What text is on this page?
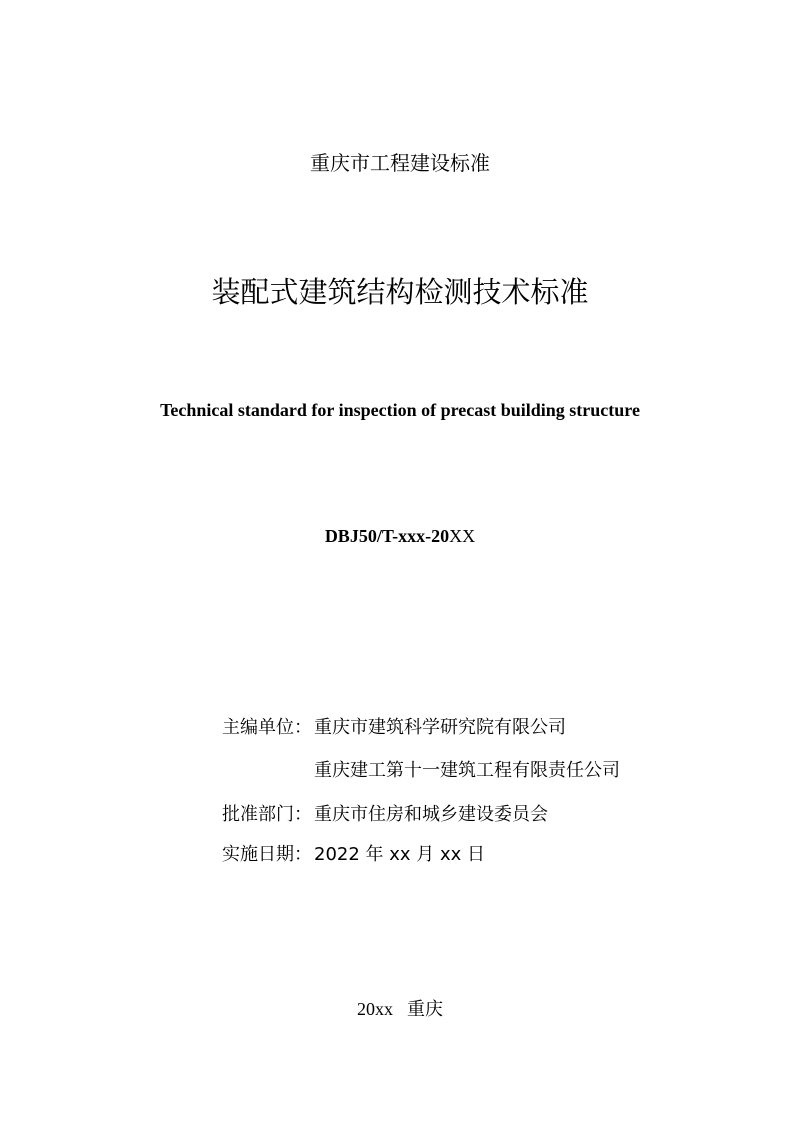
重庆市工程建设标准
装配式建筑结构检测技术标准
Technical standard for inspection of precast building structure
DBJ50/T-xxx-20XX
主编单位： 重庆市建筑科学研究院有限公司
重庆建工第十一建筑工程有限责任公司
批准部门： 重庆市住房和城乡建设委员会
实施日期： 2022 年 xx 月 xx 日
20xx 重庆
